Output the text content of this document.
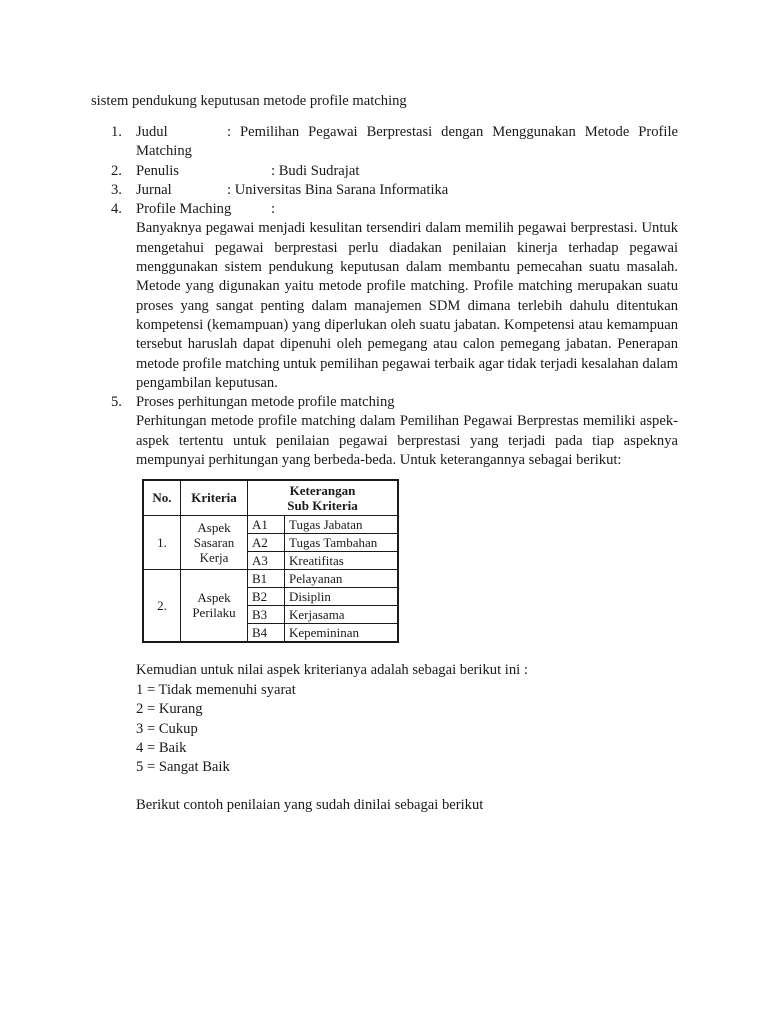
sistem pendukung keputusan metode profile matching
1. Judul	: Pemilihan Pegawai Berprestasi dengan Menggunakan Metode Profile
Matching
2. Penulis	: Budi Sudrajat
3. Jurnal	: Universitas Bina Sarana Informatika
4. Profile Maching	:

Banyaknya pegawai menjadi kesulitan tersendiri dalam memilih pegawai berprestasi. Untuk mengetahui pegawai berprestasi perlu diadakan penilaian kinerja terhadap pegawai menggunakan sistem pendukung keputusan dalam membantu pemecahan suatu masalah. Metode yang digunakan yaitu metode profile matching. Profile matching merupakan suatu proses yang sangat penting dalam manajemen SDM dimana terlebih dahulu ditentukan kompetensi (kemampuan) yang diperlukan oleh suatu jabatan. Kompetensi atau kemampuan tersebut haruslah dapat dipenuhi oleh pemegang atau calon pemegang jabatan. Penerapan metode profile matching untuk pemilihan pegawai terbaik agar tidak terjadi kesalahan dalam pengambilan keputusan.

5. Proses perhitungan metode profile matching

Perhitungan metode profile matching dalam Pemilihan Pegawai Berprestas memiliki aspek-aspek tertentu untuk penilaian pegawai berprestasi yang terjadi pada tiap aspeknya mempunyai perhitungan yang berbeda-beda. Untuk keterangannya sebagai berikut:

No.	Kriteria	Keterangan
Sub Kriteria	

1.	Aspek
Sasaran
Kerja	A1	Tugas Jabatan
		A2	Tugas Tambahan
		A3	Kreatifitas
2.	Aspek
Perilaku	B1	Pelayanan
		B2	Disiplin
		B3	Kerjasama
		B4	Kepemininan
Kemudian untuk nilai aspek kriterianya adalah sebagai berikut ini :
1 = Tidak memenuhi syarat
2 = Kurang
3 = Cukup
4 = Baik
5 = Sangat Baik
Berikut contoh penilaian yang sudah dinilai sebagai berikut
